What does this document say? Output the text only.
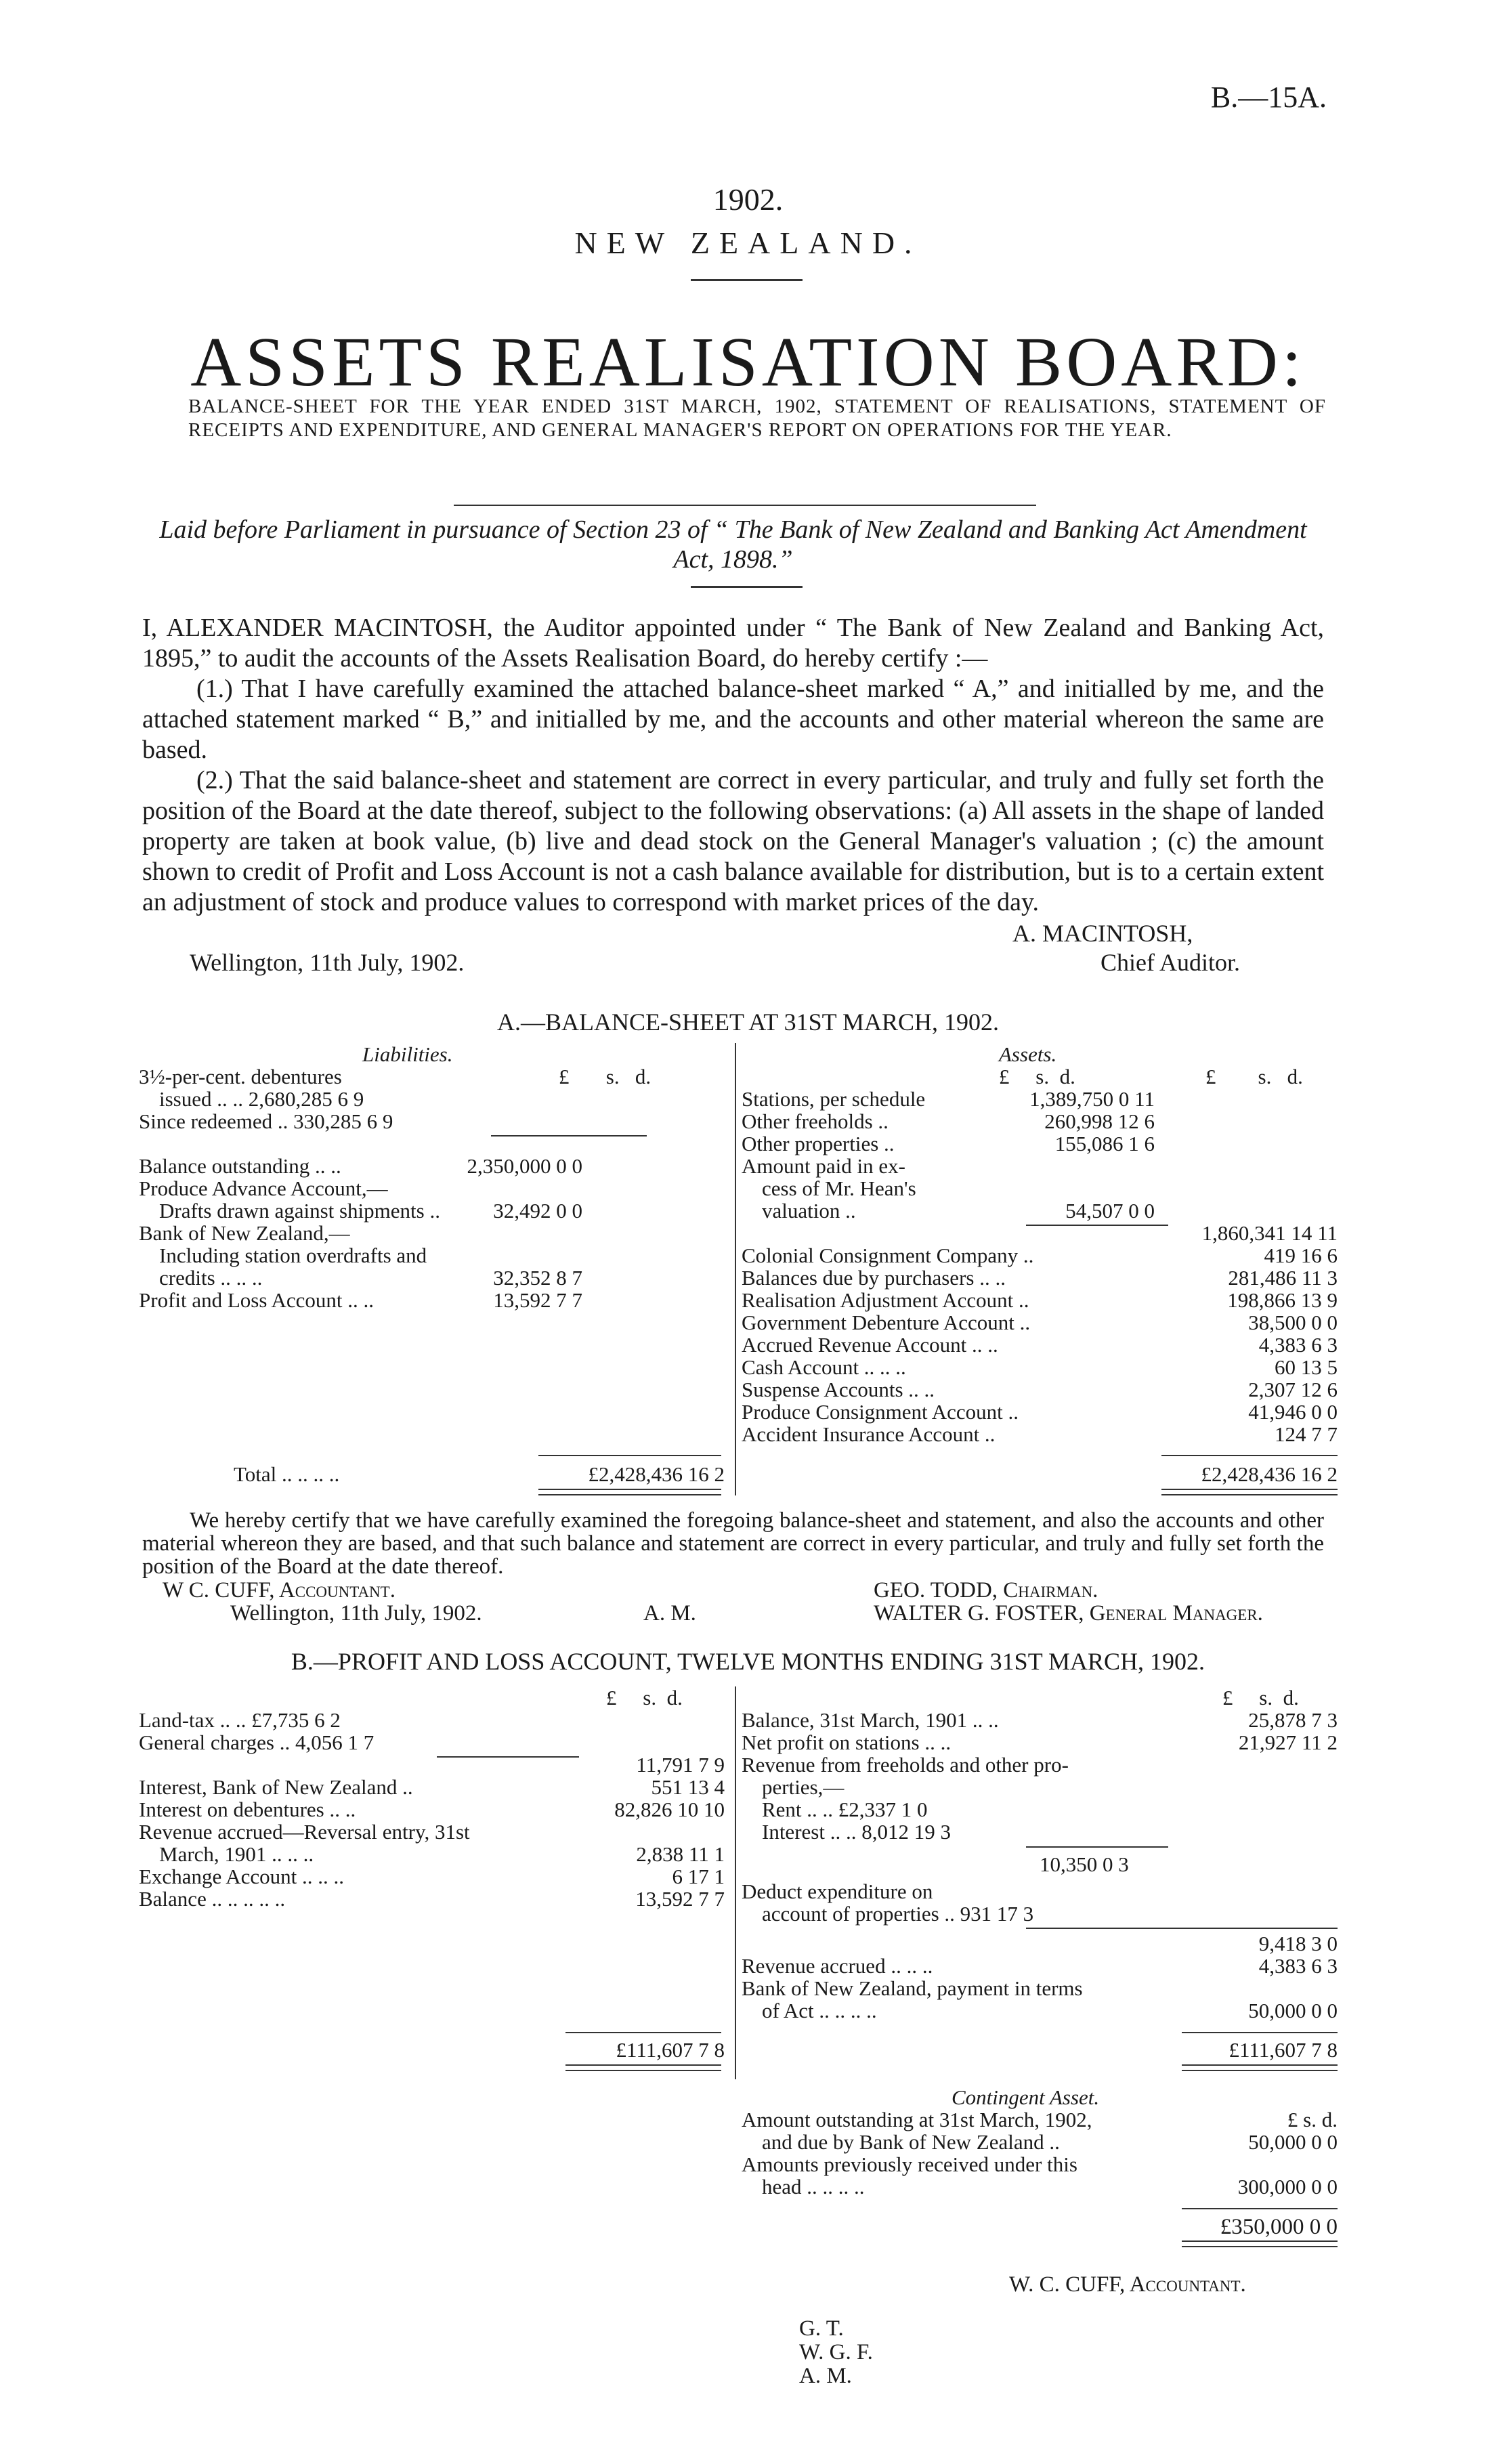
B.—15A.
1902.
NEW ZEALAND.
ASSETS REALISATION BOARD:
BALANCE-SHEET FOR THE YEAR ENDED 31ST MARCH, 1902, STATEMENT OF REALISATIONS, STATEMENT OF RECEIPTS AND EXPENDITURE, AND GENERAL MANAGER'S REPORT ON OPERATIONS FOR THE YEAR.
Laid before Parliament in pursuance of Section 23 of “ The Bank of New Zealand and Banking Act Amendment Act, 1898.”
I, ALEXANDER MACINTOSH, the Auditor appointed under “ The Bank of New Zealand and Banking Act, 1895,” to audit the accounts of the Assets Realisation Board, do hereby certify :—
(1.) That I have carefully examined the attached balance-sheet marked “ A,” and initialled by me, and the attached statement marked “ B,” and initialled by me, and the accounts and other material whereon the same are based.
(2.) That the said balance-sheet and statement are correct in every particular, and truly and fully set forth the position of the Board at the date thereof, subject to the following observations: (a) All assets in the shape of landed property are taken at book value, (b) live and dead stock on the General Manager's valuation ; (c) the amount shown to credit of Profit and Loss Account is not a cash balance available for distribution, but is to a certain extent an adjustment of stock and produce values to correspond with market prices of the day.
A. MACINTOSH,
Wellington, 11th July, 1902.	Chief Auditor.
A.—BALANCE-SHEET AT 31ST MARCH, 1902.
Liabilities.	Assets.
3½-per-cent. debentures	£ s. d.
issued .. .. 2,680,285 6 9
Since redeemed .. 330,285 6 9
Balance outstanding .. ..	2,350,000 0 0
Produce Advance Account,—
Drafts drawn against shipments ..	32,492 0 0
Bank of New Zealand,—
Including station overdrafts and
credits .. .. ..	32,352 8 7
Profit and Loss Account .. ..	13,592 7 7
£ s. d.	£ s. d.
Stations, per schedule	1,389,750 0 11
Other freeholds ..	260,998 12 6
Other properties ..	155,086 1 6
Amount paid in ex-
cess of Mr. Hean's
valuation ..	54,507 0 0
1,860,341 14 11
Colonial Consignment Company ..	419 16 6
Balances due by purchasers .. ..	281,486 11 3
Realisation Adjustment Account ..	198,866 13 9
Government Debenture Account ..	38,500 0 0
Accrued Revenue Account .. ..	4,383 6 3
Cash Account .. .. ..	60 13 5
Suspense Accounts .. ..	2,307 12 6
Produce Consignment Account ..	41,946 0 0
Accident Insurance Account ..	124 7 7
Total .. .. .. ..	£2,428,436 16 2	£2,428,436 16 2
We hereby certify that we have carefully examined the foregoing balance-sheet and statement, and also the accounts and other material whereon they are based, and that such balance and statement are correct in every particular, and truly and fully set forth the position of the Board at the date thereof.
W C. CUFF, Accountant.	GEO. TODD, Chairman.
Wellington, 11th July, 1902.	A. M.	WALTER G. FOSTER, General Manager.
B.—PROFIT AND LOSS ACCOUNT, TWELVE MONTHS ENDING 31ST MARCH, 1902.
£ s. d.	£ s. d.
Land-tax .. .. £7,735 6 2
General charges .. 4,056 1 7
11,791 7 9
Interest, Bank of New Zealand ..	551 13 4
Interest on debentures .. ..	82,826 10 10
Revenue accrued—Reversal entry, 31st
March, 1901 .. .. ..	2,838 11 1
Exchange Account .. .. ..	6 17 1
Balance .. .. .. .. ..	13,592 7 7
Balance, 31st March, 1901 .. ..	25,878 7 3
Net profit on stations .. ..	21,927 11 2
Revenue from freeholds and other pro-
perties,—
Rent .. .. £2,337 1 0
Interest .. .. 8,012 19 3
10,350 0 3
Deduct expenditure on
account of properties .. 931 17 3
9,418 3 0
Revenue accrued .. .. ..	4,383 6 3
Bank of New Zealand, payment in terms
of Act .. .. .. ..	50,000 0 0
£111,607 7 8	£111,607 7 8
Contingent Asset.
Amount outstanding at 31st March, 1902,	£ s. d.
and due by Bank of New Zealand ..	50,000 0 0
Amounts previously received under this
head .. .. .. ..	300,000 0 0
£350,000 0 0
W. C. CUFF, Accountant.
G. T.
W. G. F.
A. M.
